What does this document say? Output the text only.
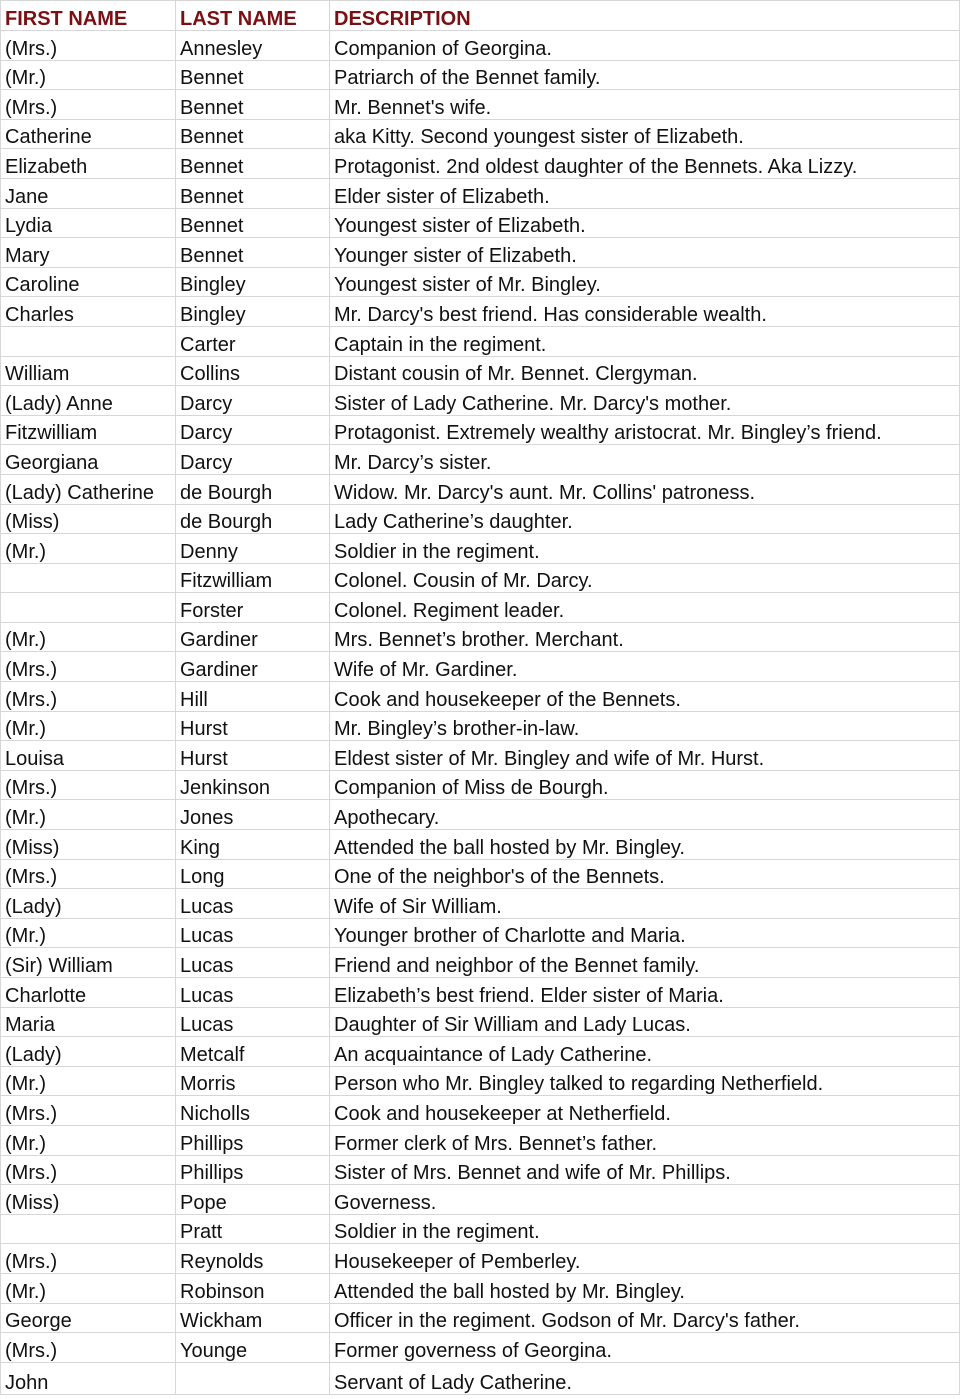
FIRST NAME	LAST NAME	DESCRIPTION
(Mrs.)	Annesley	Companion of Georgina.
(Mr.)	Bennet	Patriarch of the Bennet family.
(Mrs.)	Bennet	Mr. Bennet's wife.
Catherine	Bennet	aka Kitty. Second youngest sister of Elizabeth.
Elizabeth	Bennet	Protagonist. 2nd oldest daughter of the Bennets. Aka Lizzy.
Jane	Bennet	Elder sister of Elizabeth.
Lydia	Bennet	Youngest sister of Elizabeth.
Mary	Bennet	Younger sister of Elizabeth.
Caroline	Bingley	Youngest sister of Mr. Bingley.
Charles	Bingley	Mr. Darcy's best friend. Has considerable wealth.
	Carter	Captain in the regiment.
William	Collins	Distant cousin of Mr. Bennet. Clergyman.
(Lady) Anne	Darcy	Sister of Lady Catherine. Mr. Darcy's mother.
Fitzwilliam	Darcy	Protagonist. Extremely wealthy aristocrat. Mr. Bingley’s friend.
Georgiana	Darcy	Mr. Darcy’s sister.
(Lady) Catherine	de Bourgh	Widow. Mr. Darcy's aunt. Mr. Collins' patroness.
(Miss)	de Bourgh	Lady Catherine’s daughter.
(Mr.)	Denny	Soldier in the regiment.
	Fitzwilliam	Colonel. Cousin of Mr. Darcy.
	Forster	Colonel. Regiment leader.
(Mr.)	Gardiner	Mrs. Bennet’s brother. Merchant.
(Mrs.)	Gardiner	Wife of Mr. Gardiner.
(Mrs.)	Hill	Cook and housekeeper of the Bennets.
(Mr.)	Hurst	Mr. Bingley’s brother-in-law.
Louisa	Hurst	Eldest sister of Mr. Bingley and wife of Mr. Hurst.
(Mrs.)	Jenkinson	Companion of Miss de Bourgh.
(Mr.)	Jones	Apothecary.
(Miss)	King	Attended the ball hosted by Mr. Bingley.
(Mrs.)	Long	One of the neighbor's of the Bennets.
(Lady)	Lucas	Wife of Sir William.
(Mr.)	Lucas	Younger brother of Charlotte and Maria.
(Sir) William	Lucas	Friend and neighbor of the Bennet family.
Charlotte	Lucas	Elizabeth’s best friend. Elder sister of Maria.
Maria	Lucas	Daughter of Sir William and Lady Lucas.
(Lady)	Metcalf	An acquaintance of Lady Catherine.
(Mr.)	Morris	Person who Mr. Bingley talked to regarding Netherfield.
(Mrs.)	Nicholls	Cook and housekeeper at Netherfield.
(Mr.)	Phillips	Former clerk of Mrs. Bennet’s father.
(Mrs.)	Phillips	Sister of Mrs. Bennet and wife of Mr. Phillips.
(Miss)	Pope	Governess.
	Pratt	Soldier in the regiment.
(Mrs.)	Reynolds	Housekeeper of Pemberley.
(Mr.)	Robinson	Attended the ball hosted by Mr. Bingley.
George	Wickham	Officer in the regiment. Godson of Mr. Darcy's father.
(Mrs.)	Younge	Former governess of Georgina.
John		Servant of Lady Catherine.
